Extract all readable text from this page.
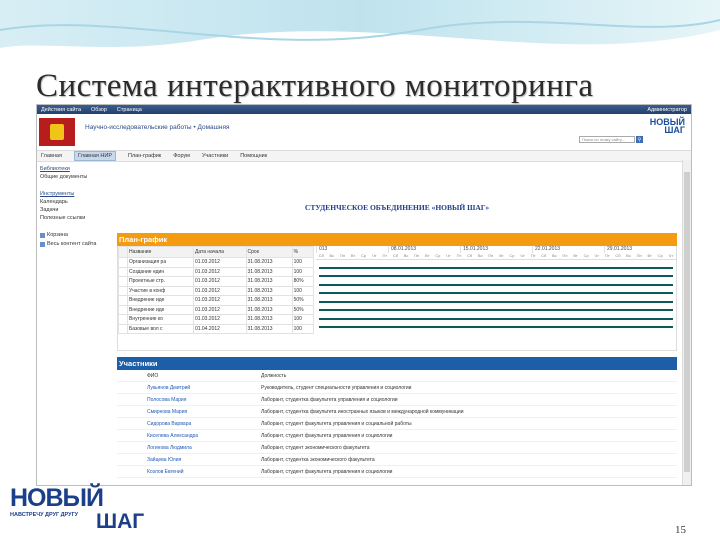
Система интерактивного мониторинга
Действия сайта Обзор Страница	Администратор
Научно-исследовательские работы • Домашняя
НОВЫЙ
ШАГ
Поиск по этому сайту...	⚲
Главная	Главная НИР	План-график Форум Участники Помощник
Библиотеки
Общие документы
Инструменты
Календарь
Задачи
Полезные ссылки
Корзина
Весь контент сайта
СТУДЕНЧЕСКОЕ ОБЪЕДИНЕНИЕ «НОВЫЙ ШАГ»
План-график
	Название	Дата начала	Срок	%
	Организация ра	01.03.2012	31.08.2013	100
	Создание един	01.03.2012	31.08.2013	100
	Проектные стр.	01.03.2012	31.08.2013	80%
	Участие в конф	01.03.2012	31.08.2013	100
	Внедрение иде	01.03.2012	31.08.2013	50%
	Внедрение иде	01.03.2012	31.08.2013	50%
	Внутренние ко	01.03.2012	31.08.2013	100
	Базовые вол с	01.04.2012	31.08.2013	100
013	08.01.2013	15.01.2013	22.01.2013	29.01.2013
Сб	Вс	Пн	Вт	Ср	Чт	Пт	Сб	Вс	Пн	Вт	Ср	Чт	Пт	Сб	Вс	Пн	Вт	Ср	Чт	Пт	Сб	Вс	Пн	Вт	Ср	Чт	Пт	Сб	Вс	Пн	Вт	Ср	Чт
Участники
ФИО	Должность
Лукьянов Дмитрий	Руководитель, студент специальности управления и социологии
Полосова Мария	Лаборант, студентка факультета управления и социологии
Смирнова Мария	Лаборант, студентка факультета иностранных языков и международной коммуникации
Сидорова Варвара	Лаборант, студент факультета управления и социальной работы
Киселева Александра	Лаборант, студент факультета управления и социологии
Логинова Людмила	Лаборант, студент экономического факультета
Зайцева Юлия	Лаборант, студентка экономического факультета
Козлов Евгений	Лаборант, студент факультета управления и социологии
НОВЫЙ
НАВСТРЕЧУ ДРУГ ДРУГУ ШАГ	15
